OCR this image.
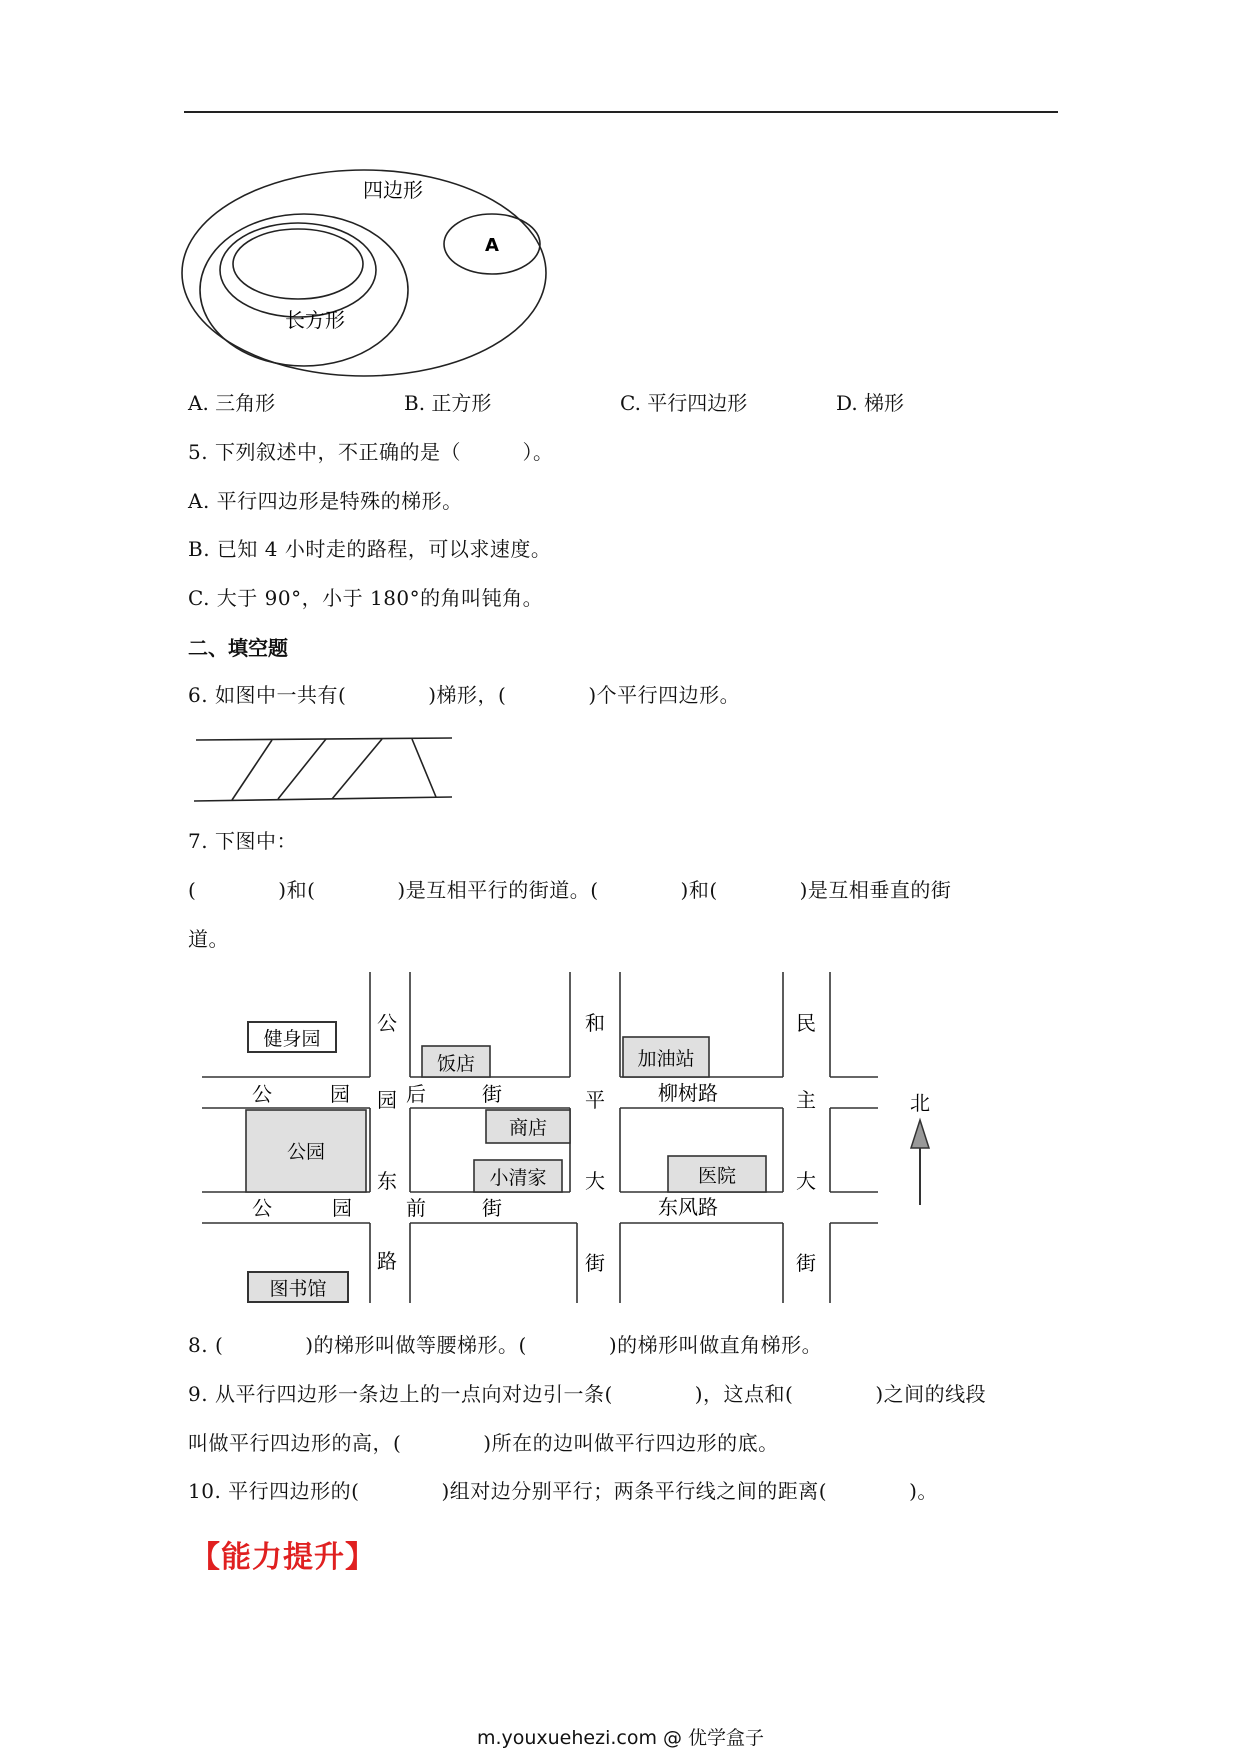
四边形
长方形
A
A. 三角形	B. 正方形	C. 平行四边形	D. 梯形
5. 下列叙述中，不正确的是（　　　）。
A. 平行四边形是特殊的梯形。
B. 已知 4 小时走的路程，可以求速度。
C. 大于 90°，小于 180°的角叫钝角。
二、填空题
6. 如图中一共有(　　　　)梯形，(　　　　)个平行四边形。
7. 下图中：
(　　　　)和(　　　　)是互相平行的街道。(　　　　)和(　　　　)是互相垂直的街
道。
健身园
饭店	加油站
公园
商店
小清家	医院
图书馆
公
园
东
路
公	园	后	街
公	园	前	街
和
平
大
街
民
主
大
街
柳树路
东风路
北
8. (　　　　)的梯形叫做等腰梯形。(　　　　)的梯形叫做直角梯形。
9. 从平行四边形一条边上的一点向对边引一条(　　　　)，这点和(　　　　)之间的线段
叫做平行四边形的高，(　　　　)所在的边叫做平行四边形的底。
10. 平行四边形的(　　　　)组对边分别平行；两条平行线之间的距离(　　　　)。
【能力提升】
m.youxuehezi.com @ 优学盒子
